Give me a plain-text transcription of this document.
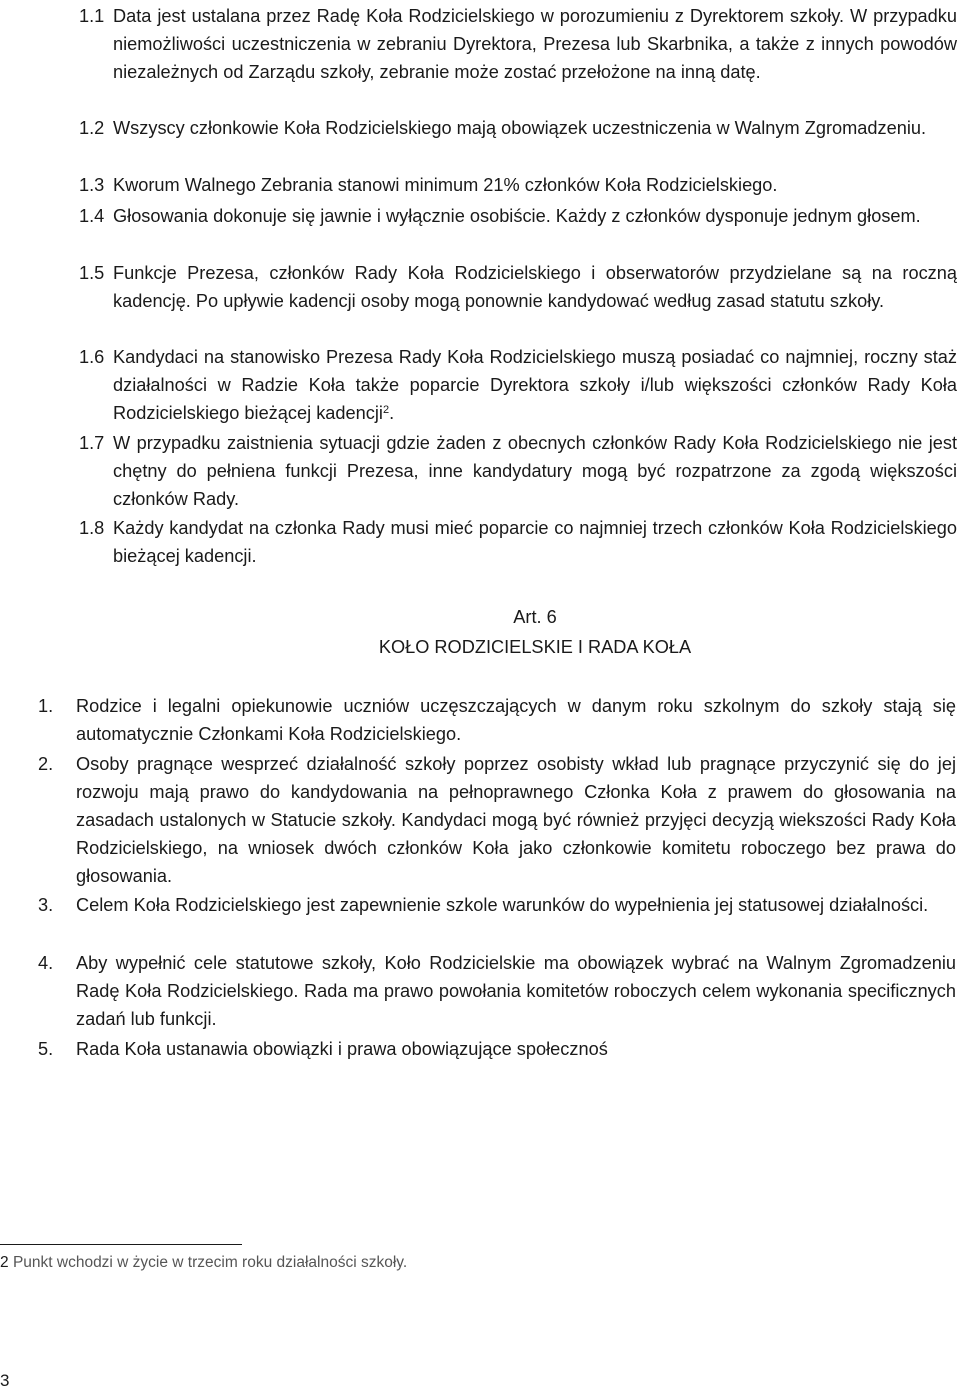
1.1 Data jest ustalana przez Radę Koła Rodzicielskiego w porozumieniu z Dyrektorem szkoły. W przypadku niemożliwości uczestniczenia w zebraniu Dyrektora, Prezesa lub Skarbnika, a także z innych powodów niezależnych od Zarządu szkoły, zebranie może zostać przełożone na inną datę.
1.2 Wszyscy członkowie Koła Rodzicielskiego mają obowiązek uczestniczenia w Walnym Zgromadzeniu.
1.3 Kworum Walnego Zebrania stanowi minimum 21% członków Koła Rodzicielskiego.
1.4 Głosowania dokonuje się jawnie i wyłącznie osobiście. Każdy z członków dysponuje jednym głosem.
1.5 Funkcje Prezesa, członków Rady Koła Rodzicielskiego i obserwatorów przydzielane są na roczną kadencję. Po upływie kadencji osoby mogą ponownie kandydować według zasad statutu szkoły.
1.6 Kandydaci na stanowisko Prezesa Rady Koła Rodzicielskiego muszą posiadać co najmniej, roczny staż działalności w Radzie Koła także poparcie Dyrektora szkoły i/lub większości członków Rady Koła Rodzicielskiego bieżącej kadencji$^2$.
1.7 W przypadku zaistnienia sytuacji gdzie żaden z obecnych członków Rady Koła Rodzicielskiego nie jest chętny do pełniena funkcji Prezesa, inne kandydatury mogą być rozpatrzone za zgodą większości członków Rady.
1.8 Każdy kandydat na członka Rady musi mieć poparcie co najmniej trzech członków Koła Rodzicielskiego bieżącej kadencji.
Art. 6
KOŁO RODZICIELSKIE I RADA KOŁA
1. Rodzice i legalni opiekunowie uczniów uczęszczających w danym roku szkolnym do szkoły stają się automatycznie Członkami Koła Rodzicielskiego.
2. Osoby pragnące wesprzeć działalność szkoły poprzez osobisty wkład lub pragnące przyczynić się do jej rozwoju mają prawo do kandydowania na pełnoprawnego Członka Koła z prawem do głosowania na zasadach ustalonych w Statucie szkoły. Kandydaci mogą być również przyjęci decyzją wiekszości Rady Koła Rodzicielskiego, na wniosek dwóch członków Koła jako członkowie komitetu roboczego bez prawa do głosowania.
3. Celem Koła Rodzicielskiego jest zapewnienie szkole warunków do wypełnienia jej statusowej działalności.
4. Aby wypełnić cele statutowe szkoły, Koło Rodzicielskie ma obowiązek wybrać na Walnym Zgromadzeniu Radę Koła Rodzicielskiego. Rada ma prawo powołania komitetów roboczych celem wykonania specificznych zadań lub funkcji.
5. Rada Koła ustanawia obowiązki i prawa obowiązujące społecznoś
2 Punkt wchodzi w życie w trzecim roku działalności szkoły.
3
